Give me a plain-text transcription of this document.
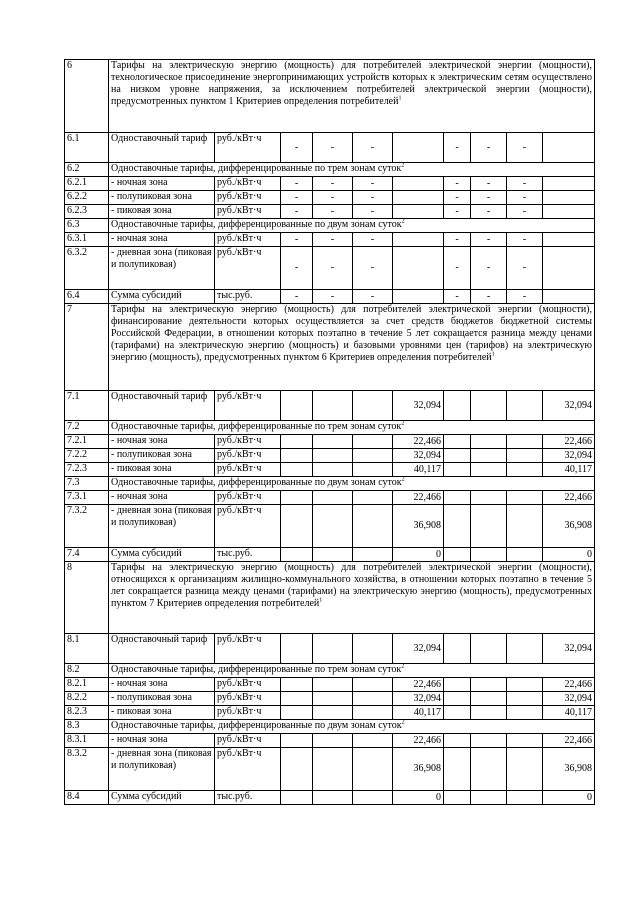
6	Тарифы на электрическую энергию (мощность) для потребителей электрической энергии (мощности), технологическое присоединение энергопринимающих устройств которых к электрическим сетям осуществлено на низком уровне напряжения, за исключением потребителей электрической энергии (мощности), предусмотренных пунктом 1 Критериев определения потребителей$^1$
6.1	Одноставочный тариф	руб./кВт·ч	-	-	-		-	-	-	
6.2	Одноставочные тарифы, дифференцированные по трем зонам суток$^2$
6.2.1	- ночная зона	руб./кВт·ч	-	-	-		-	-	-	
6.2.2	- полупиковая зона	руб./кВт·ч	-	-	-		-	-	-	
6.2.3	- пиковая зона	руб./кВт·ч	-	-	-		-	-	-	
6.3	Одноставочные тарифы, дифференцированные по двум зонам суток$^2$
6.3.1	- ночная зона	руб./кВт·ч	-	-	-		-	-	-	
6.3.2	- дневная зона (пиковая и полупиковая)	руб./кВт·ч	-	-	-		-	-	-	
6.4	Сумма субсидий	тыс.руб.	-	-	-		-	-	-	
7	Тарифы на электрическую энергию (мощность) для потребителей электрической энергии (мощности), финансирование деятельности которых осуществляется за счет средств бюджетов бюджетной системы Российской Федерации, в отношении которых поэтапно в течение 5 лет сокращается разница между ценами (тарифами) на электрическую энергию (мощность) и базовыми уровнями цен (тарифов) на электрическую энергию (мощность), предусмотренных пунктом 6 Критериев определения потребителей$^1$
7.1	Одноставочный тариф	руб./кВт·ч				32,094				32,094
7.2	Одноставочные тарифы, дифференцированные по трем зонам суток$^2$
7.2.1	- ночная зона	руб./кВт·ч				22,466				22,466
7.2.2	- полупиковая зона	руб./кВт·ч				32,094				32,094
7.2.3	- пиковая зона	руб./кВт·ч				40,117				40,117
7.3	Одноставочные тарифы, дифференцированные по двум зонам суток$^2$
7.3.1	- ночная зона	руб./кВт·ч				22,466				22,466
7.3.2	- дневная зона (пиковая и полупиковая)	руб./кВт·ч				36,908				36,908
7.4	Сумма субсидий	тыс.руб.				0				0
8	Тарифы на электрическую энергию (мощность) для потребителей электрической энергии (мощности), относящихся к организациям жилищно-коммунального хозяйства, в отношении которых поэтапно в течение 5 лет сокращается разница между ценами (тарифами) на электрическую энергию (мощность), предусмотренных пунктом 7 Критериев определения потребителей$^1$
8.1	Одноставочный тариф	руб./кВт·ч				32,094				32,094
8.2	Одноставочные тарифы, дифференцированные по трем зонам суток$^2$
8.2.1	- ночная зона	руб./кВт·ч				22,466				22,466
8.2.2	- полупиковая зона	руб./кВт·ч				32,094				32,094
8.2.3	- пиковая зона	руб./кВт·ч				40,117				40,117
8.3	Одноставочные тарифы, дифференцированные по двум зонам суток$^2$
8.3.1	- ночная зона	руб./кВт·ч				22,466				22,466
8.3.2	- дневная зона (пиковая и полупиковая)	руб./кВт·ч				36,908				36,908
8.4	Сумма субсидий	тыс.руб.				0				0
